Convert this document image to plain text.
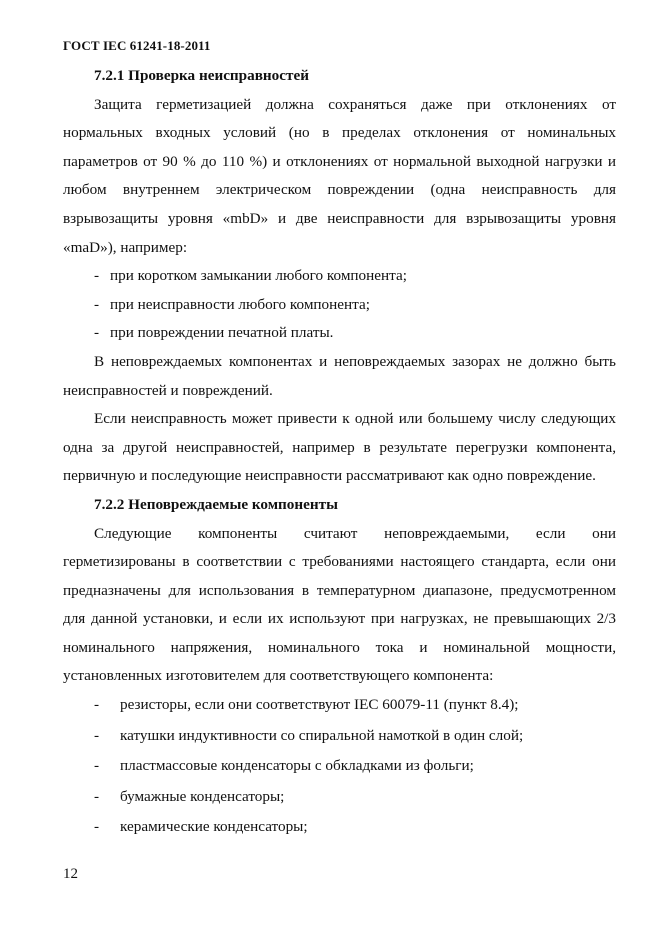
ГОСТ IEC 61241-18-2011
7.2.1 Проверка неисправностей

Защита герметизацией должна сохраняться даже при отклонениях от нормальных входных условий (но в пределах отклонения от номинальных параметров от 90 % до 110 %) и отклонениях от нормальной выходной нагрузки и любом внутреннем электрическом повреждении (одна неисправность для взрывозащиты уровня «mbD» и две неисправности для взрывозащиты уровня «maD»), например:

- при коротком замыкании любого компонента;
- при неисправности любого компонента;
- при повреждении печатной платы.

В неповреждаемых компонентах и неповреждаемых зазорах не должно быть неисправностей и повреждений.

Если неисправность может привести к одной или большему числу следующих одна за другой неисправностей, например в результате перегрузки компонента, первичную и последующие неисправности рассматривают как одно повреждение.

7.2.2 Неповреждаемые компоненты

Следующие компоненты считают неповреждаемыми, если они герметизированы в соответствии с требованиями настоящего стандарта, если они предназначены для использования в температурном диапазоне, предусмотренном для данной установки, и если их используют при нагрузках, не превышающих 2/3 номинального напряжения, номинального тока и номинальной мощности, установленных изготовителем для соответствующего компонента:

-	резисторы, если они соответствуют IEC 60079-11 (пункт 8.4);
-	катушки индуктивности со спиральной намоткой в один слой;
-	пластмассовые конденсаторы с обкладками из фольги;
-	бумажные конденсаторы;
-	керамические конденсаторы;
12
